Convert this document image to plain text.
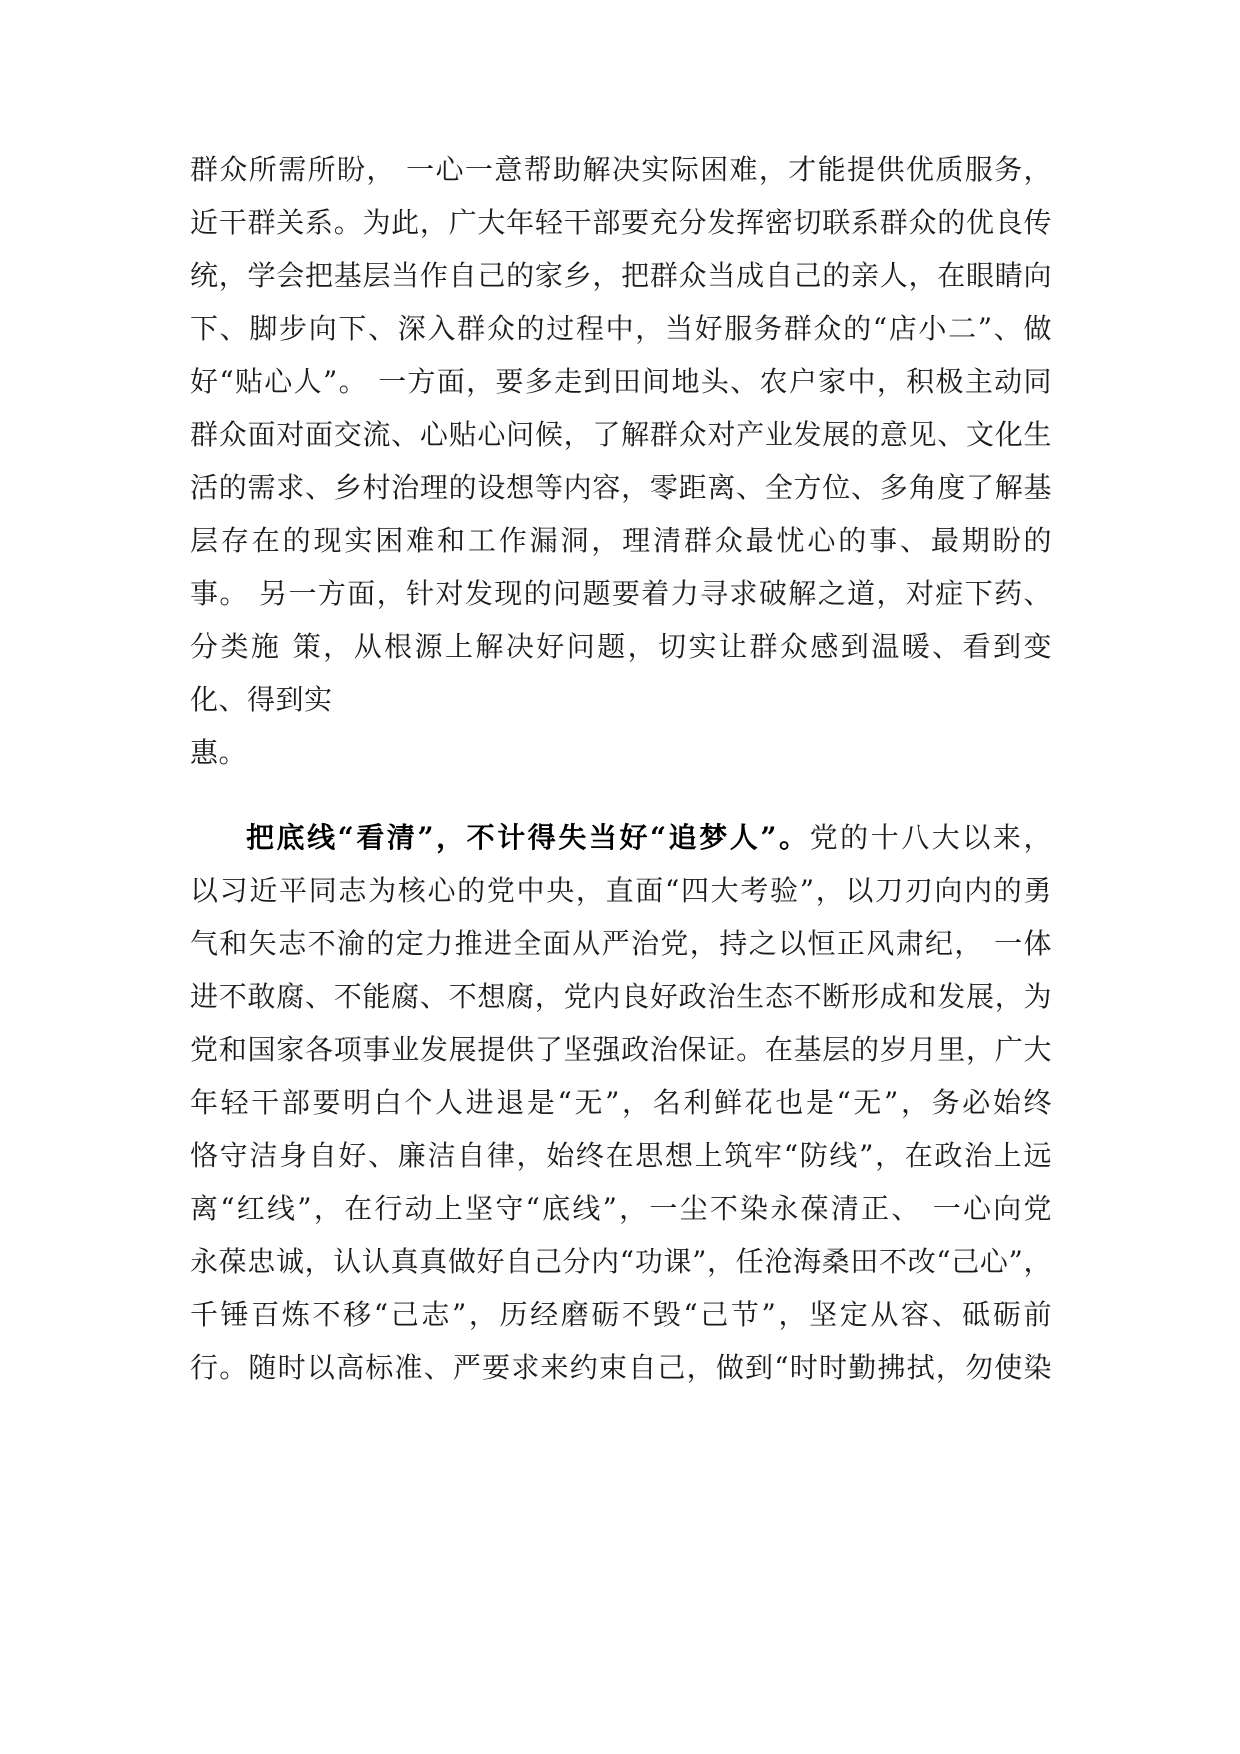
群众所需所盼， 一心一意帮助解决实际困难，才能提供优质服务，
近干群关系。为此，广大年轻干部要充分发挥密切联系群众的优良传
统，学会把基层当作自己的家乡，把群众当成自己的亲人，在眼睛向
下、脚步向下、深入群众的过程中，当好服务群众的“店小二”、做
好“贴心人”。 一方面，要多走到田间地头、农户家中，积极主动同
群众面对面交流、心贴心问候，了解群众对产业发展的意见、文化生
活的需求、乡村治理的设想等内容，零距离、全方位、多角度了解基
层存在的现实困难和工作漏洞，理清群众最忧心的事、最期盼的
事。 另一方面，针对发现的问题要着力寻求破解之道，对症下药、
分类施 策，从根源上解决好问题，切实让群众感到温暖、看到变
化、得到实
惠。
把底线“看清”，不计得失当好“追梦人”。党的十八大以来，
以习近平同志为核心的党中央，直面“四大考验”，以刀刃向内的勇
气和矢志不渝的定力推进全面从严治党，持之以恒正风肃纪， 一体
进不敢腐、不能腐、不想腐，党内良好政治生态不断形成和发展，为
党和国家各项事业发展提供了坚强政治保证。在基层的岁月里，广大
年轻干部要明白个人进退是“无”，名利鲜花也是“无”，务必始终
恪守洁身自好、廉洁自律，始终在思想上筑牢“防线”，在政治上远
离“红线”，在行动上坚守“底线”，一尘不染永葆清正、 一心向党
永葆忠诚，认认真真做好自己分内“功课”，任沧海桑田不改“己心”，
千锤百炼不移“己志”，历经磨砺不毁“己节”，坚定从容、砥砺前
行。随时以高标准、严要求来约束自己，做到“时时勤拂拭，勿使染
